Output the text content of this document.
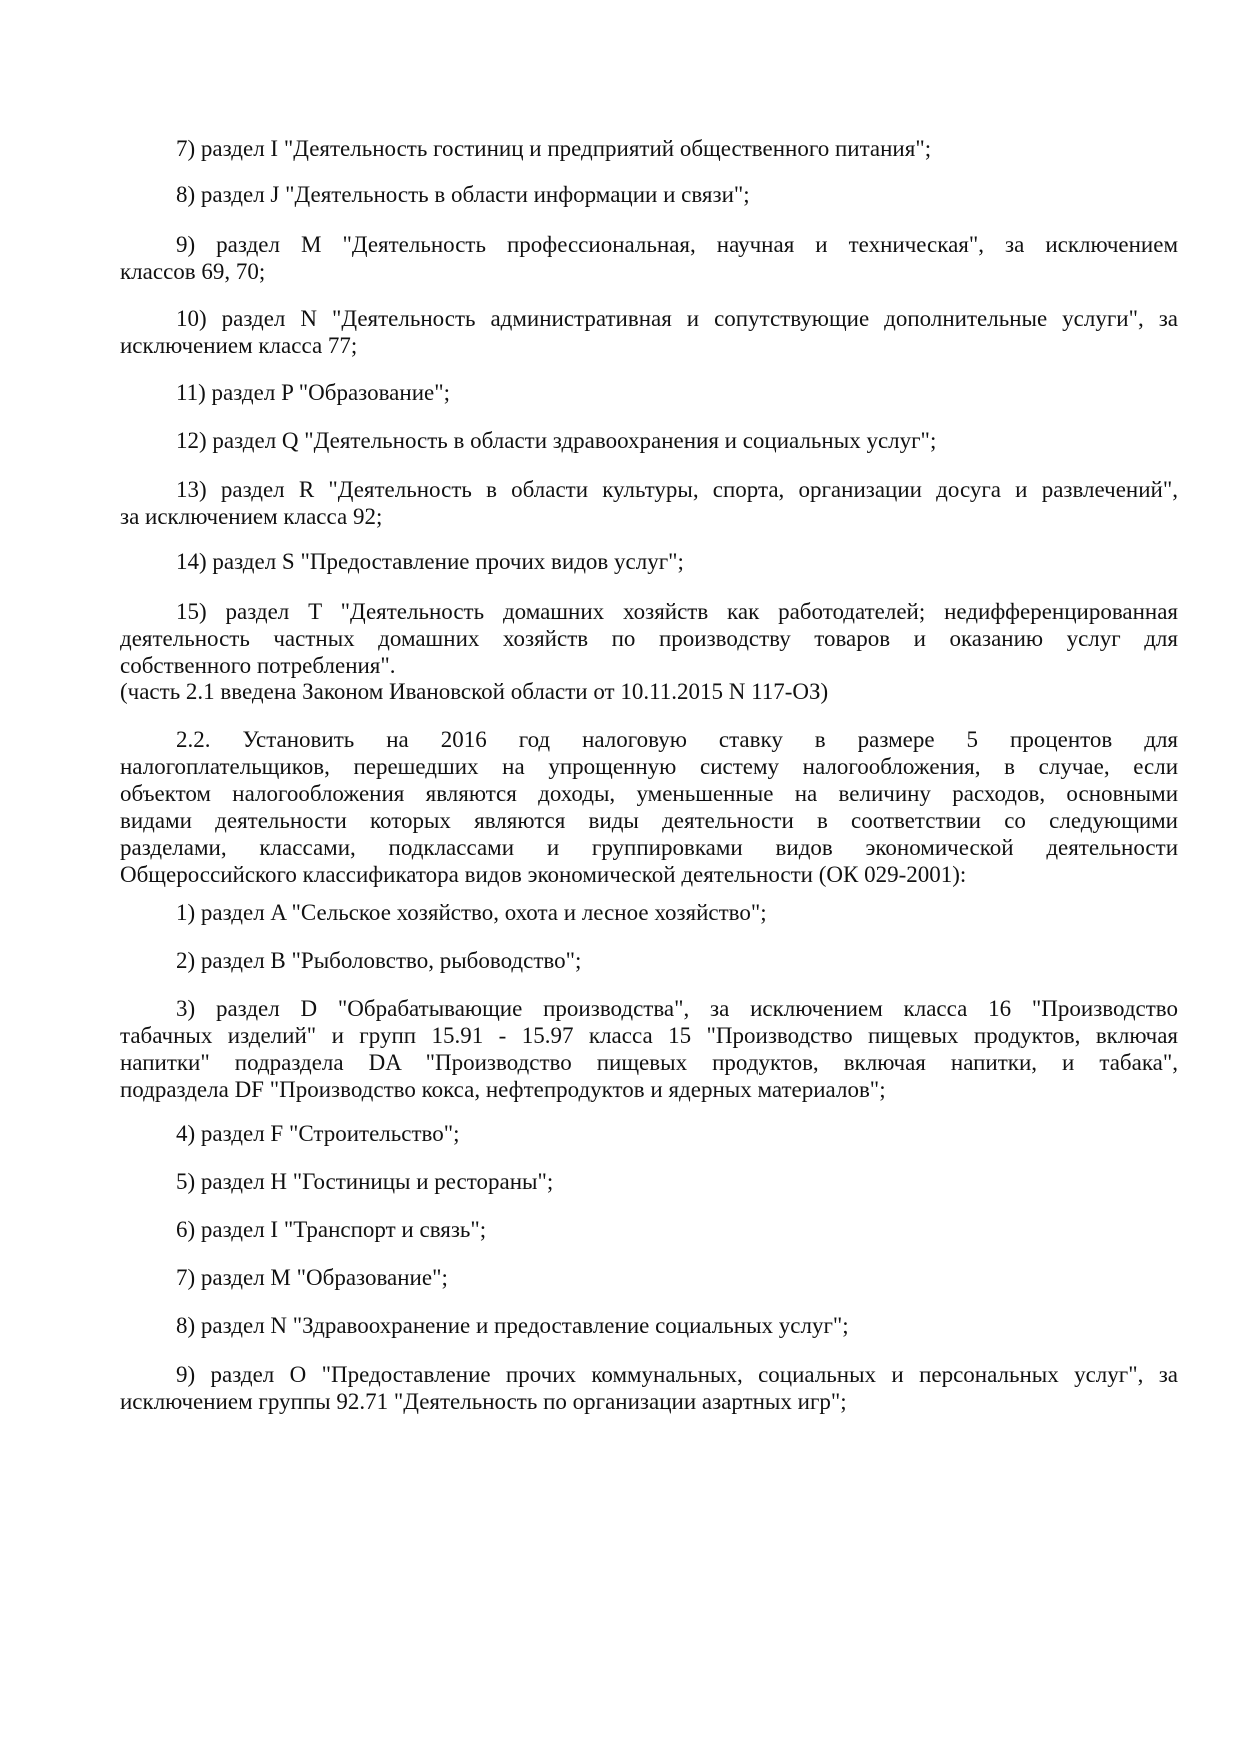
7) раздел I "Деятельность гостиниц и предприятий общественного питания";

8) раздел J "Деятельность в области информации и связи";

9) раздел M "Деятельность профессиональная, научная и техническая", за исключением
классов 69, 70;

10) раздел N "Деятельность административная и сопутствующие дополнительные услуги", за
исключением класса 77;

11) раздел P "Образование";

12) раздел Q "Деятельность в области здравоохранения и социальных услуг";

13) раздел R "Деятельность в области культуры, спорта, организации досуга и развлечений",
за исключением класса 92;

14) раздел S "Предоставление прочих видов услуг";

15) раздел T "Деятельность домашних хозяйств как работодателей; недифференцированная
деятельность частных домашних хозяйств по производству товаров и оказанию услуг для
собственного потребления".

(часть 2.1 введена Законом Ивановской области от 10.11.2015 N 117-ОЗ)

2.2. Установить на 2016 год налоговую ставку в размере 5 процентов для
налогоплательщиков, перешедших на упрощенную систему налогообложения, в случае, если
объектом налогообложения являются доходы, уменьшенные на величину расходов, основными
видами деятельности которых являются виды деятельности в соответствии со следующими
разделами, классами, подклассами и группировками видов экономической деятельности
Общероссийского классификатора видов экономической деятельности (ОК 029-2001):

1) раздел A "Сельское хозяйство, охота и лесное хозяйство";

2) раздел B "Рыболовство, рыбоводство";

3) раздел D "Обрабатывающие производства", за исключением класса 16 "Производство
табачных изделий" и групп 15.91 - 15.97 класса 15 "Производство пищевых продуктов, включая
напитки" подраздела DA "Производство пищевых продуктов, включая напитки, и табака",
подраздела DF "Производство кокса, нефтепродуктов и ядерных материалов";

4) раздел F "Строительство";

5) раздел H "Гостиницы и рестораны";

6) раздел I "Транспорт и связь";

7) раздел M "Образование";

8) раздел N "Здравоохранение и предоставление социальных услуг";

9) раздел O "Предоставление прочих коммунальных, социальных и персональных услуг", за
исключением группы 92.71 "Деятельность по организации азартных игр";
